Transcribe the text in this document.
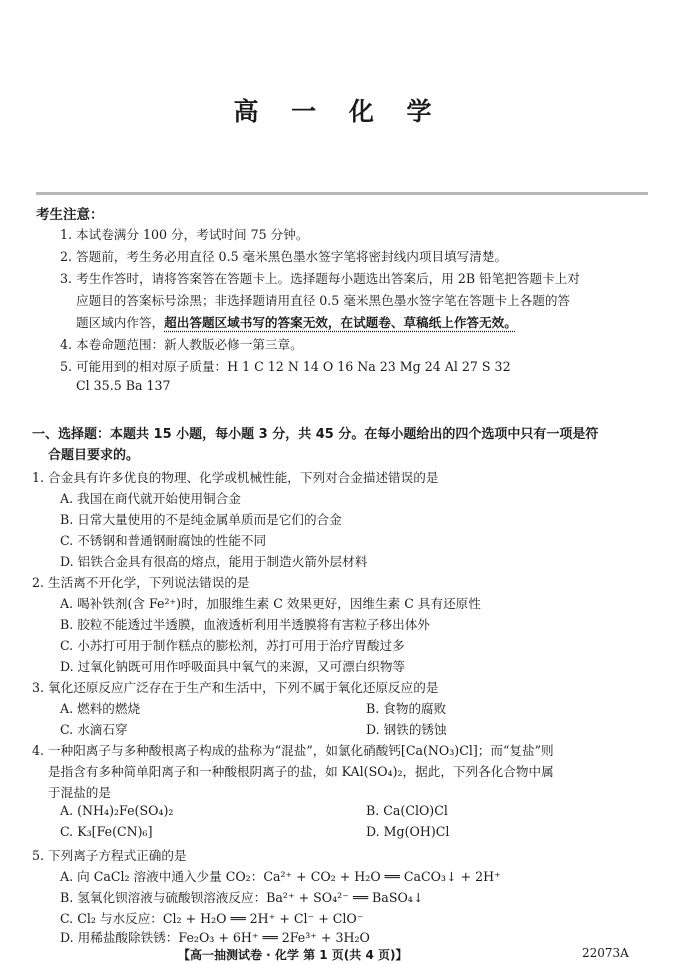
高 一 化 学
考生注意：
1. 本试卷满分 100 分，考试时间 75 分钟。
2. 答题前，考生务必用直径 0.5 毫米黑色墨水签字笔将密封线内项目填写清楚。
3. 考生作答时，请将答案答在答题卡上。选择题每小题选出答案后，用 2B 铅笔把答题卡上对
应题目的答案标号涂黑；非选择题请用直径 0.5 毫米黑色墨水签字笔在答题卡上各题的答
题区域内作答，超出答题区域书写的答案无效，在试题卷、草稿纸上作答无效。
4. 本卷命题范围：新人教版必修一第三章。
5. 可能用到的相对原子质量：H 1 C 12 N 14 O 16 Na 23 Mg 24 Al 27 S 32
Cl 35.5 Ba 137
一、选择题：本题共 15 小题，每小题 3 分，共 45 分。在每小题给出的四个选项中只有一项是符
合题目要求的。
1. 合金具有许多优良的物理、化学或机械性能，下列对合金描述错误的是
A. 我国在商代就开始使用铜合金
B. 日常大量使用的不是纯金属单质而是它们的合金
C. 不锈钢和普通钢耐腐蚀的性能不同
D. 铝铁合金具有很高的熔点，能用于制造火箭外层材料
2. 生活离不开化学，下列说法错误的是
A. 喝补铁剂(含 Fe²⁺)时，加服维生素 C 效果更好，因维生素 C 具有还原性
B. 胶粒不能透过半透膜，血液透析利用半透膜将有害粒子移出体外
C. 小苏打可用于制作糕点的膨松剂，苏打可用于治疗胃酸过多
D. 过氧化钠既可用作呼吸面具中氧气的来源，又可漂白织物等
3. 氧化还原反应广泛存在于生产和生活中，下列不属于氧化还原反应的是
A. 燃料的燃烧	B. 食物的腐败
C. 水滴石穿	D. 钢铁的锈蚀
4. 一种阳离子与多种酸根离子构成的盐称为“混盐”，如氯化硝酸钙[Ca(NO₃)Cl]；而“复盐”则
是指含有多种简单阳离子和一种酸根阴离子的盐，如 KAl(SO₄)₂，据此，下列各化合物中属
于混盐的是
A. (NH₄)₂Fe(SO₄)₂	B. Ca(ClO)Cl
C. K₃[Fe(CN)₆]	D. Mg(OH)Cl
5. 下列离子方程式正确的是
A. 向 CaCl₂ 溶液中通入少量 CO₂：Ca²⁺ + CO₂ + H₂O ══ CaCO₃↓ + 2H⁺
B. 氢氧化钡溶液与硫酸钡溶液反应：Ba²⁺ + SO₄²⁻ ══ BaSO₄↓
C. Cl₂ 与水反应：Cl₂ + H₂O ══ 2H⁺ + Cl⁻ + ClO⁻
D. 用稀盐酸除铁锈：Fe₂O₃ + 6H⁺ ══ 2Fe³⁺ + 3H₂O
【高一抽测试卷 · 化学 第 1 页(共 4 页)】	22073A
